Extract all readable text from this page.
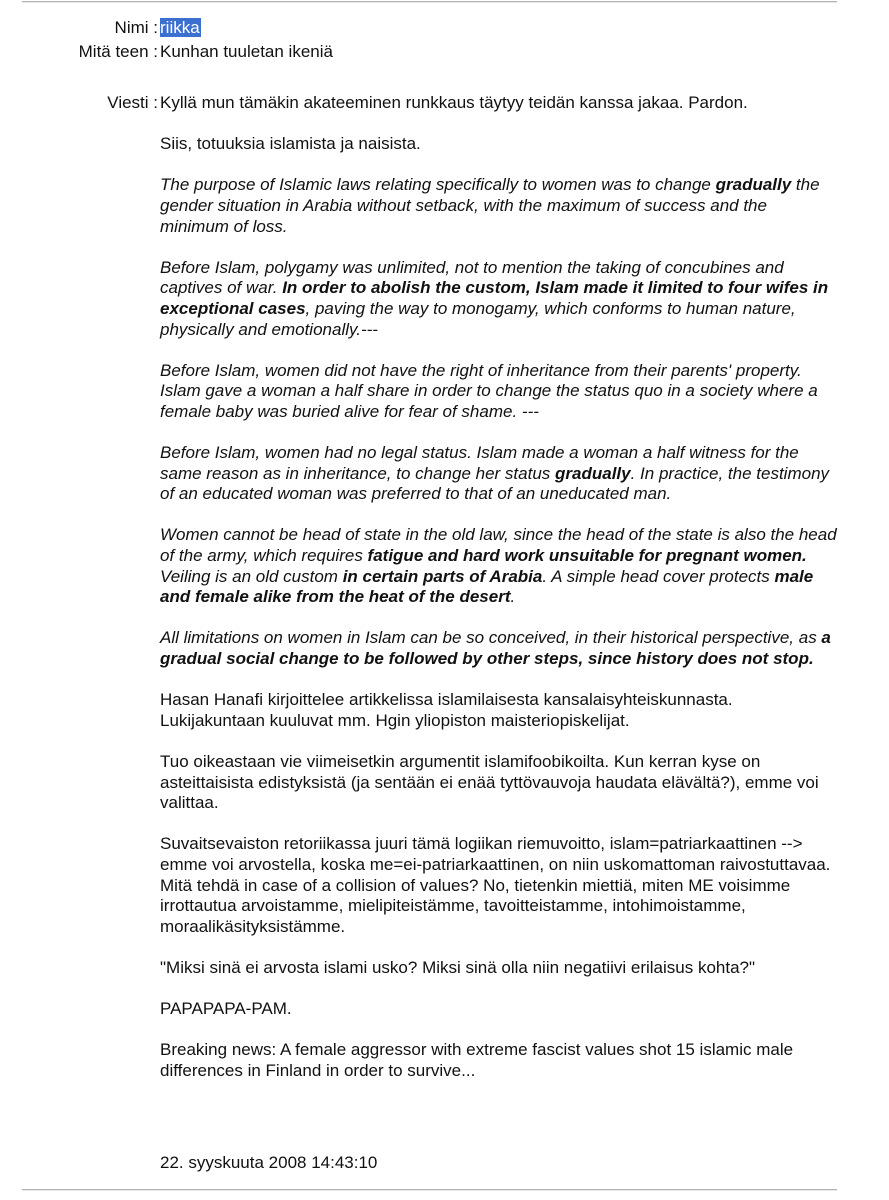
Nimi : riikka
Mitä teen : Kunhan tuuletan ikeniä
Viesti : Kyllä mun tämäkin akateeminen runkkaus täytyy teidän kanssa jakaa. Pardon.

Siis, totuuksia islamista ja naisista.

The purpose of Islamic laws relating specifically to women was to change gradually the gender situation in Arabia without setback, with the maximum of success and the minimum of loss.

Before Islam, polygamy was unlimited, not to mention the taking of concubines and captives of war. In order to abolish the custom, Islam made it limited to four wifes in exceptional cases, paving the way to monogamy, which conforms to human nature, physically and emotionally.---

Before Islam, women did not have the right of inheritance from their parents' property. Islam gave a woman a half share in order to change the status quo in a society where a female baby was buried alive for fear of shame. ---

Before Islam, women had no legal status. Islam made a woman a half witness for the same reason as in inheritance, to change her status gradually. In practice, the testimony of an educated woman was preferred to that of an uneducated man.

Women cannot be head of state in the old law, since the head of the state is also the head of the army, which requires fatigue and hard work unsuitable for pregnant women. Veiling is an old custom in certain parts of Arabia. A simple head cover protects male and female alike from the heat of the desert.

All limitations on women in Islam can be so conceived, in their historical perspective, as a gradual social change to be followed by other steps, since history does not stop.

Hasan Hanafi kirjoittelee artikkelissa islamilaisesta kansalaisyhteiskunnasta. Lukijakuntaan kuuluvat mm. Hgin yliopiston maisteriopiskelijat.

Tuo oikeastaan vie viimeisetkin argumentit islamifoobikoilta. Kun kerran kyse on asteittaisista edistyksistä (ja sentään ei enää tyttövauvoja haudata elävältä?), emme voi valittaa.

Suvaitsevaiston retoriikassa juuri tämä logiikan riemuvoitto, islam=patriarkaattinen --> emme voi arvostella, koska me=ei-patriarkaattinen, on niin uskomattoman raivostuttavaa. Mitä tehdä in case of a collision of values? No, tietenkin miettiä, miten ME voisimme irrottautua arvoistamme, mielipiteistämme, tavoitteistamme, intohimoistamme, moraalikäsityksistämme.

"Miksi sinä ei arvosta islami usko? Miksi sinä olla niin negatiivi erilaisus kohta?"

PAPAPAPA-PAM.

Breaking news: A female aggressor with extreme fascist values shot 15 islamic male differences in Finland in order to survive...

22. syyskuuta 2008 14:43:10
